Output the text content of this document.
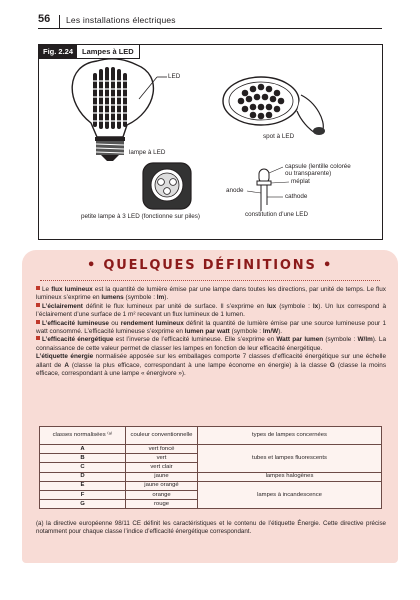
56 Les installations électriques
Fig. 2.24	Lampes à LED
LED
lampe à LED
spot à LED
petite lampe à 3 LED (fonctionne sur piles)
capsule (lentille colorée
ou transparente)
méplat
anode
cathode
constitution d’une LED
• QUELQUES DÉFINITIONS •

Le flux lumineux est la quantité de lumière émise par une lampe dans toutes les directions, par unité de temps. Le flux lumineux s’exprime en lumens (symbole : lm).

L’éclairement définit le flux lumineux par unité de surface. Il s’exprime en lux (symbole : lx). Un lux correspond à l’éclairement d’une surface de 1 m² recevant un flux lumineux de 1 lumen.

L’efficacité lumineuse ou rendement lumineux définit la quantité de lumière émise par une source lumineuse pour 1 watt consommé. L’efficacité lumineuse s’exprime en lumen par watt (symbole : lm/W).

L’efficacité énergétique est l’inverse de l’efficacité lumineuse. Elle s’exprime en Watt par lumen (symbole : W/lm). La connaissance de cette valeur permet de classer les lampes en fonction de leur efficacité énergétique.

L’étiquette énergie normalisée apposée sur les emballages comporte 7 classes d’efficacité énergétique sur une échelle allant de A (classe la plus efficace, correspondant à une lampe économe en énergie) à la classe G (classe la moins efficace, correspondant à une lampe « énergivore »).

classes normalisées ⁽ᵃ⁾	couleur conventionnelle	types de lampes concernées
A	vert foncé	tubes et lampes fluorescents
B	vert	
C	vert clair	
D	jaune	lampes halogènes
E	jaune orangé	lampes à incandescence
F	orange	
G	rouge	

(a) la directive européenne 98/11 CE définit les caractéristiques et le contenu de l’étiquette Énergie. Cette directive précise notamment pour chaque classe l’indice d’efficacité énergétique correspondant.
